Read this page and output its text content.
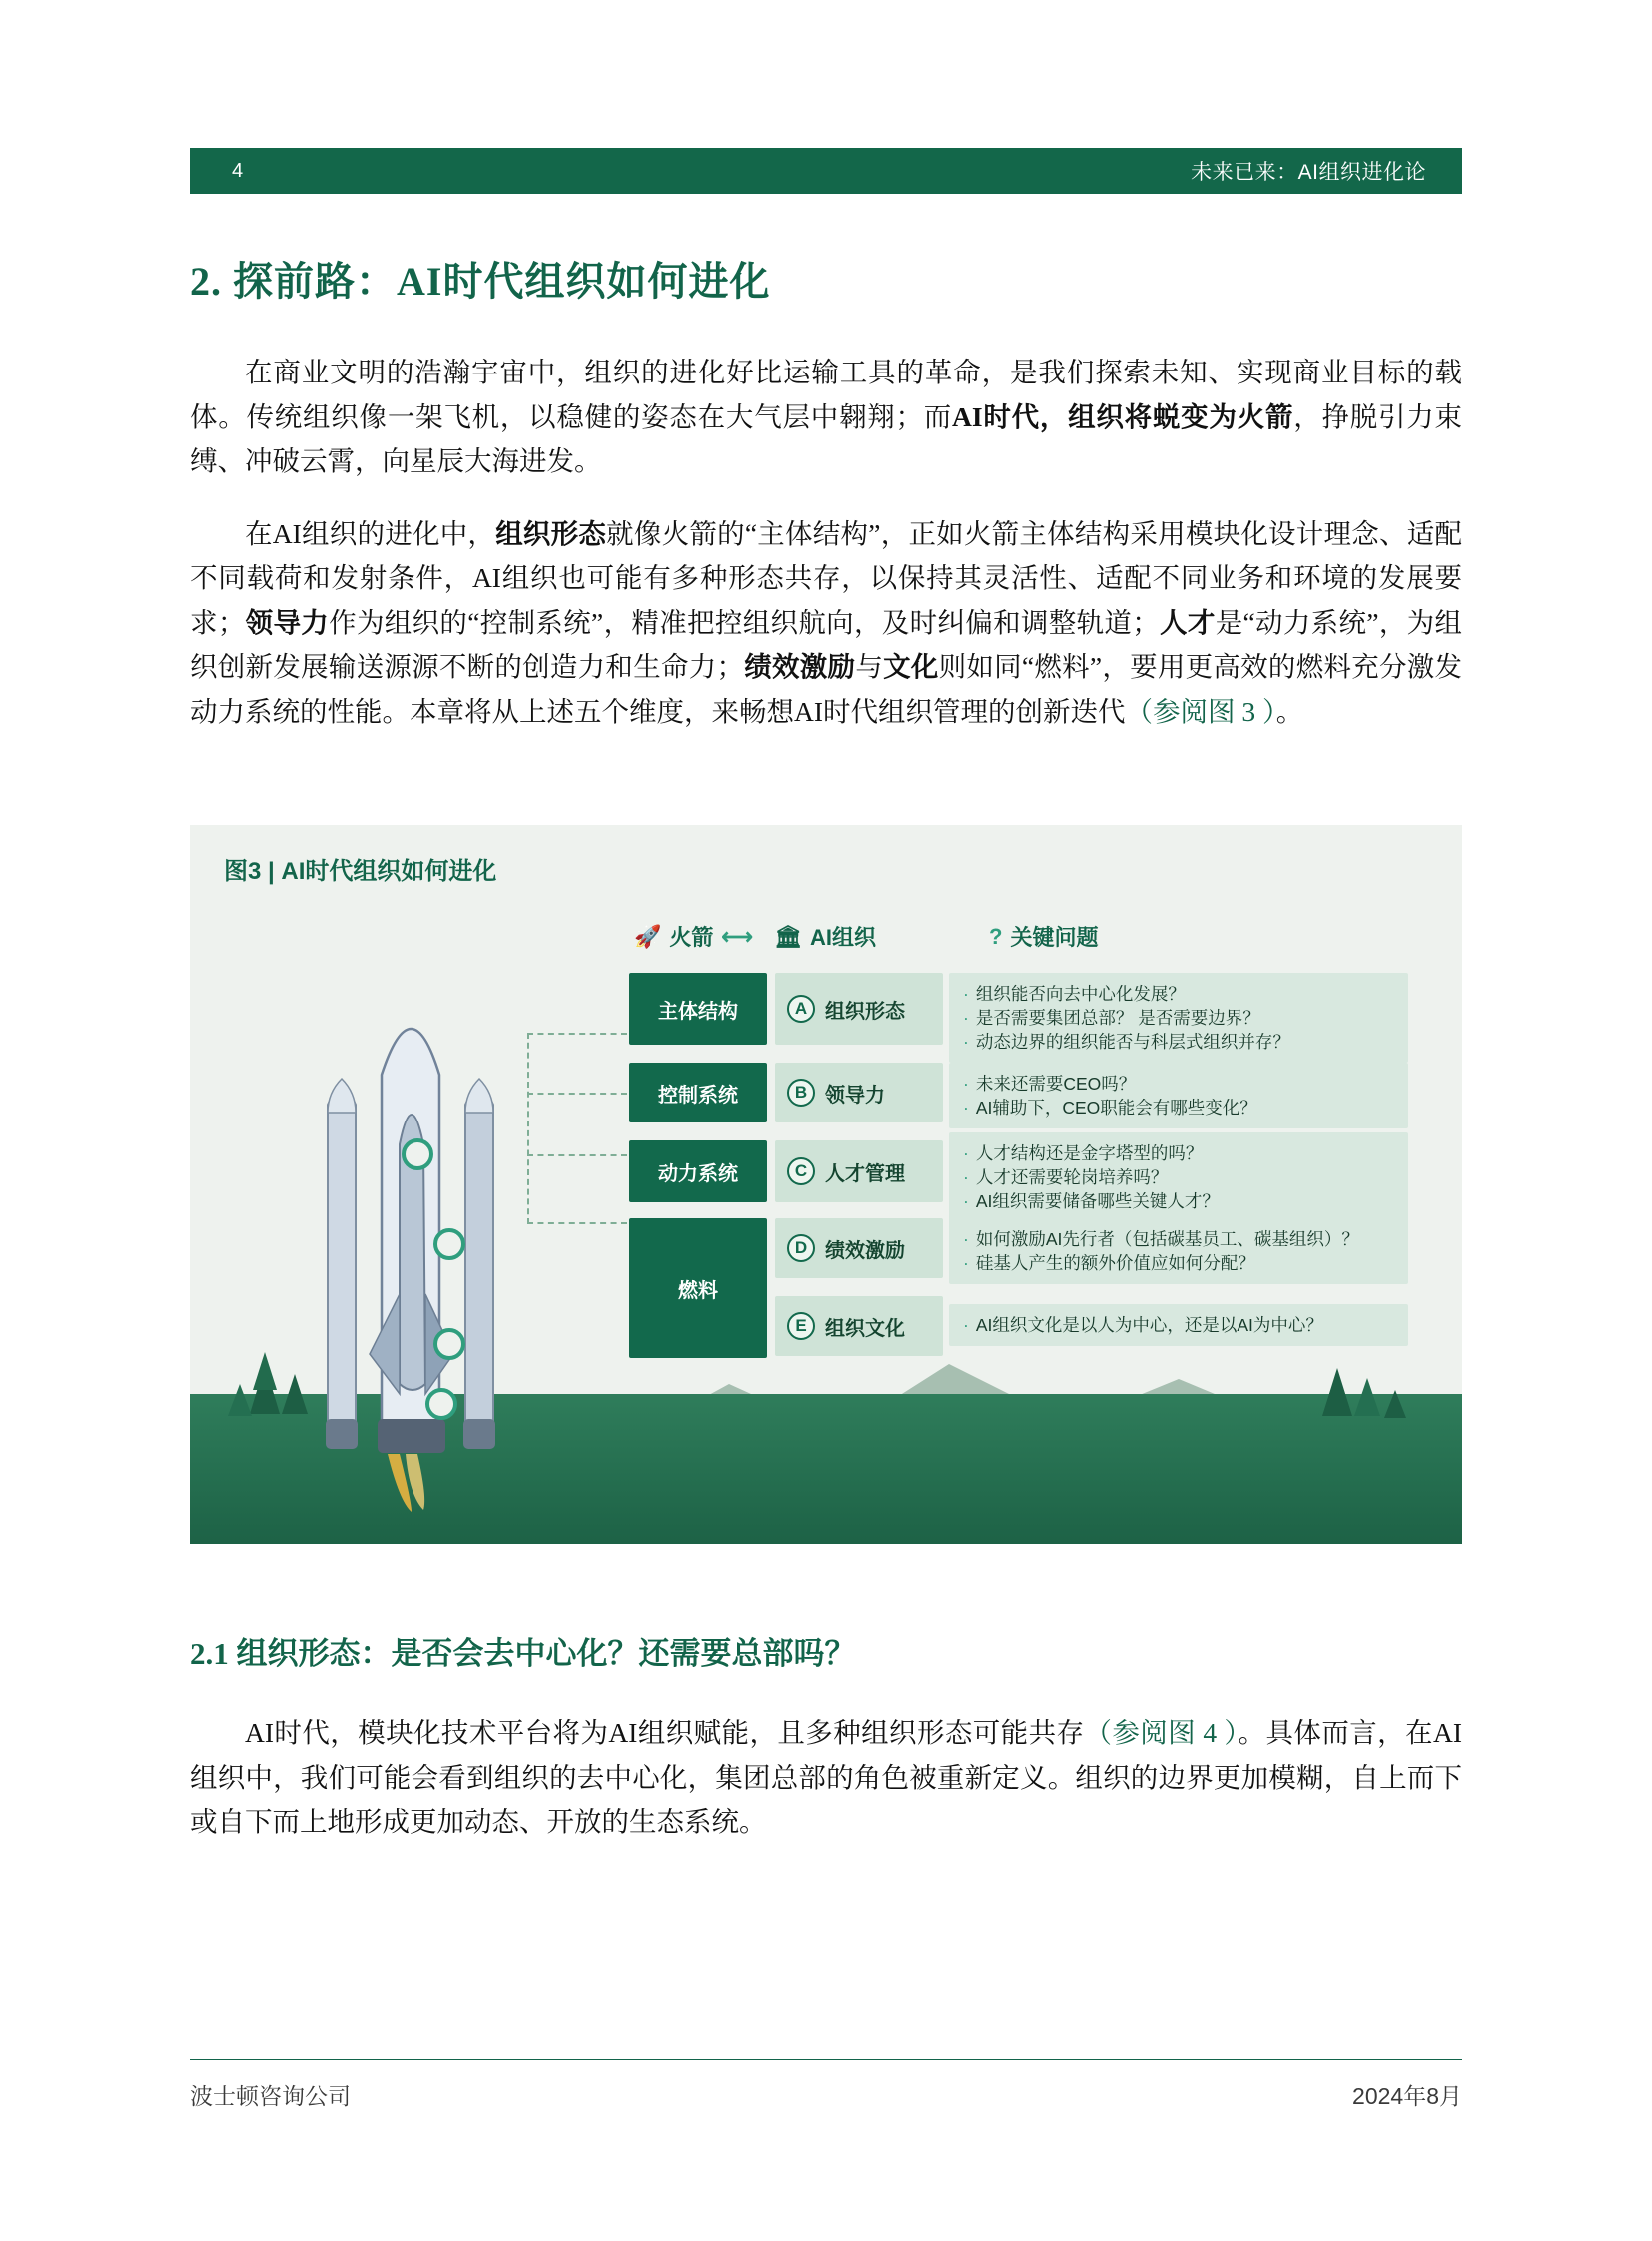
4	未来已来：AI组织进化论
2. 探前路：AI时代组织如何进化

在商业文明的浩瀚宇宙中，组织的进化好比运输工具的革命，是我们探索未知、实现商业目标的载体。传统组织像一架飞机，以稳健的姿态在大气层中翱翔；而AI时代，组织将蜕变为火箭，挣脱引力束缚、冲破云霄，向星辰大海进发。

在AI组织的进化中，组织形态就像火箭的“主体结构”，正如火箭主体结构采用模块化设计理念、适配不同载荷和发射条件，AI组织也可能有多种形态共存，以保持其灵活性、适配不同业务和环境的发展要求；领导力作为组织的“控制系统”，精准把控组织航向，及时纠偏和调整轨道；人才是“动力系统”，为组织创新发展输送源源不断的创造力和生命力；绩效激励与文化则如同“燃料”，要用更高效的燃料充分激发动力系统的性能。本章将从上述五个维度，来畅想AI时代组织管理的创新迭代（参阅图 3 ）。

图3 | AI时代组织如何进化
🚀 火箭 ⟷ 🏛 AI组织	? 关键问题
主体结构	A 组织形态
· 组织能否向去中心化发展？
· 是否需要集团总部？ 是否需要边界？
· 动态边界的组织能否与科层式组织并存？
控制系统	B 领导力
· 未来还需要CEO吗？
· AI辅助下，CEO职能会有哪些变化？
动力系统	C 人才管理
· 人才结构还是金字塔型的吗？
· 人才还需要轮岗培养吗？
· AI组织需要储备哪些关键人才？
燃料
D 绩效激励
· 如何激励AI先行者（包括碳基员工、碳基组织）？
· 硅基人产生的额外价值应如何分配？
E 组织文化	· AI组织文化是以人为中心，还是以AI为中心？
2.1 组织形态：是否会去中心化？还需要总部吗？

AI时代，模块化技术平台将为AI组织赋能，且多种组织形态可能共存（参阅图 4 ）。具体而言，在AI组织中，我们可能会看到组织的去中心化，集团总部的角色被重新定义。组织的边界更加模糊，自上而下或自下而上地形成更加动态、开放的生态系统。

波士顿咨询公司	2024年8月
